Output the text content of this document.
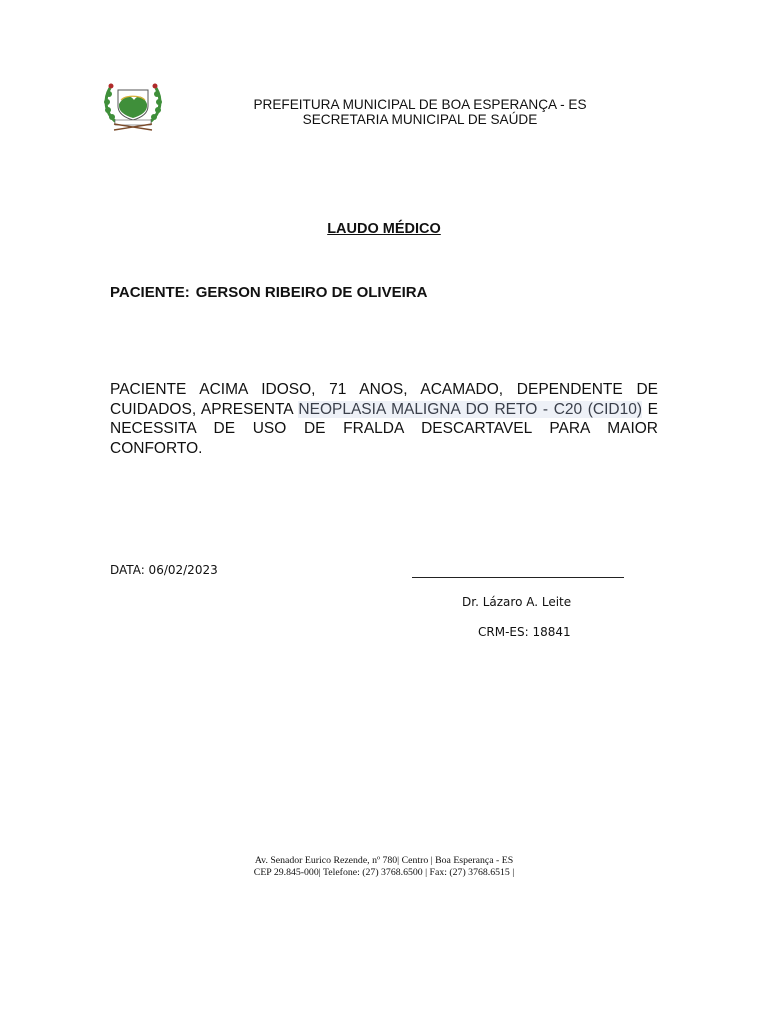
PREFEITURA MUNICIPAL DE BOA ESPERANÇA - ES
SECRETARIA MUNICIPAL DE SAÚDE
LAUDO MÉDICO
PACIENTE: GERSON RIBEIRO DE OLIVEIRA
PACIENTE ACIMA IDOSO, 71 ANOS, ACAMADO, DEPENDENTE DE CUIDADOS, APRESENTA NEOPLASIA MALIGNA DO RETO - C20 (CID10) E NECESSITA DE USO DE FRALDA DESCARTAVEL PARA MAIOR CONFORTO.
DATA: 06/02/2023
Dr. Lázaro A. Leite
CRM-ES: 18841
Av. Senador Eurico Rezende, nº 780| Centro | Boa Esperança - ES
CEP 29.845-000| Telefone: (27) 3768.6500 | Fax: (27) 3768.6515 |
